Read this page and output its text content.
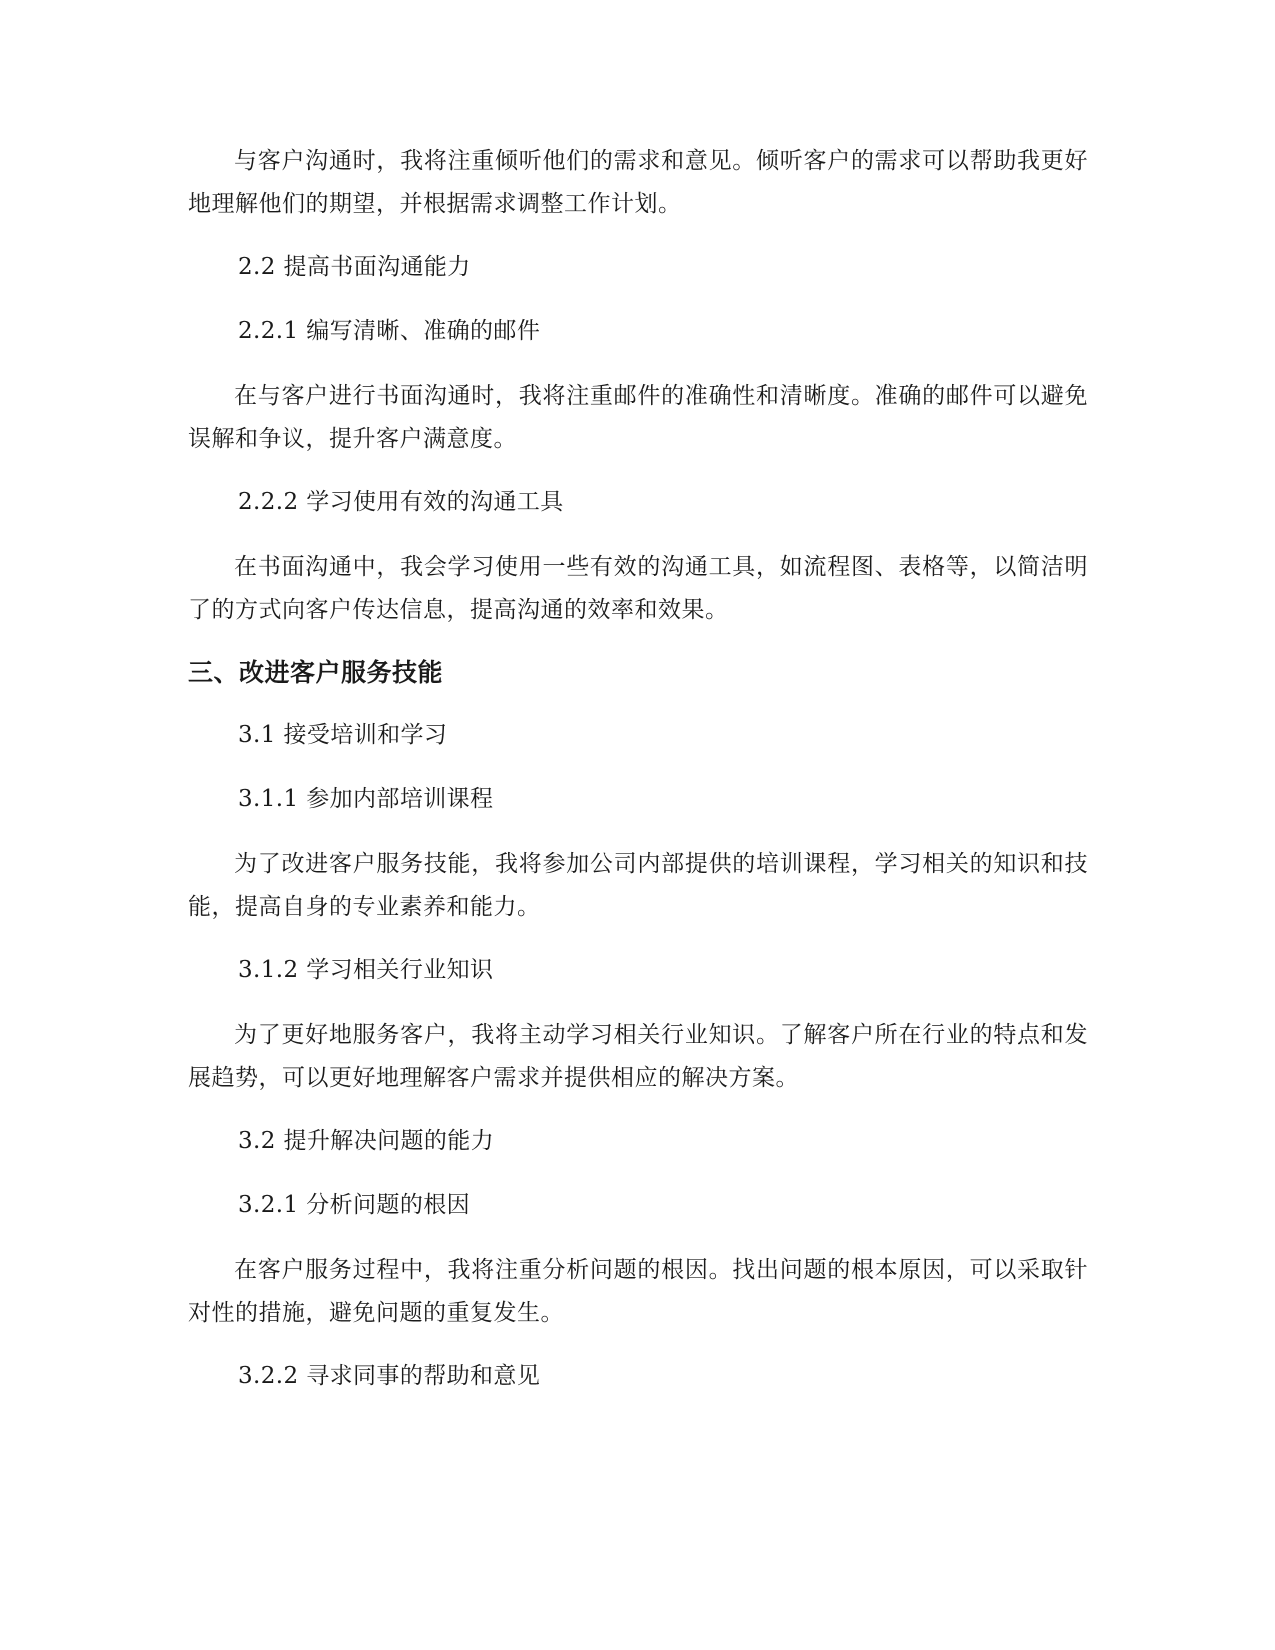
与客户沟通时，我将注重倾听他们的需求和意见。倾听客户的需求可以帮助我更好地理解他们的期望，并根据需求调整工作计划。

2.2 提高书面沟通能力

2.2.1 编写清晰、准确的邮件

在与客户进行书面沟通时，我将注重邮件的准确性和清晰度。准确的邮件可以避免误解和争议，提升客户满意度。

2.2.2 学习使用有效的沟通工具

在书面沟通中，我会学习使用一些有效的沟通工具，如流程图、表格等，以简洁明了的方式向客户传达信息，提高沟通的效率和效果。

三、改进客户服务技能

3.1 接受培训和学习

3.1.1 参加内部培训课程

为了改进客户服务技能，我将参加公司内部提供的培训课程，学习相关的知识和技能，提高自身的专业素养和能力。

3.1.2 学习相关行业知识

为了更好地服务客户，我将主动学习相关行业知识。了解客户所在行业的特点和发展趋势，可以更好地理解客户需求并提供相应的解决方案。

3.2 提升解决问题的能力

3.2.1 分析问题的根因

在客户服务过程中，我将注重分析问题的根因。找出问题的根本原因，可以采取针对性的措施，避免问题的重复发生。

3.2.2 寻求同事的帮助和意见
